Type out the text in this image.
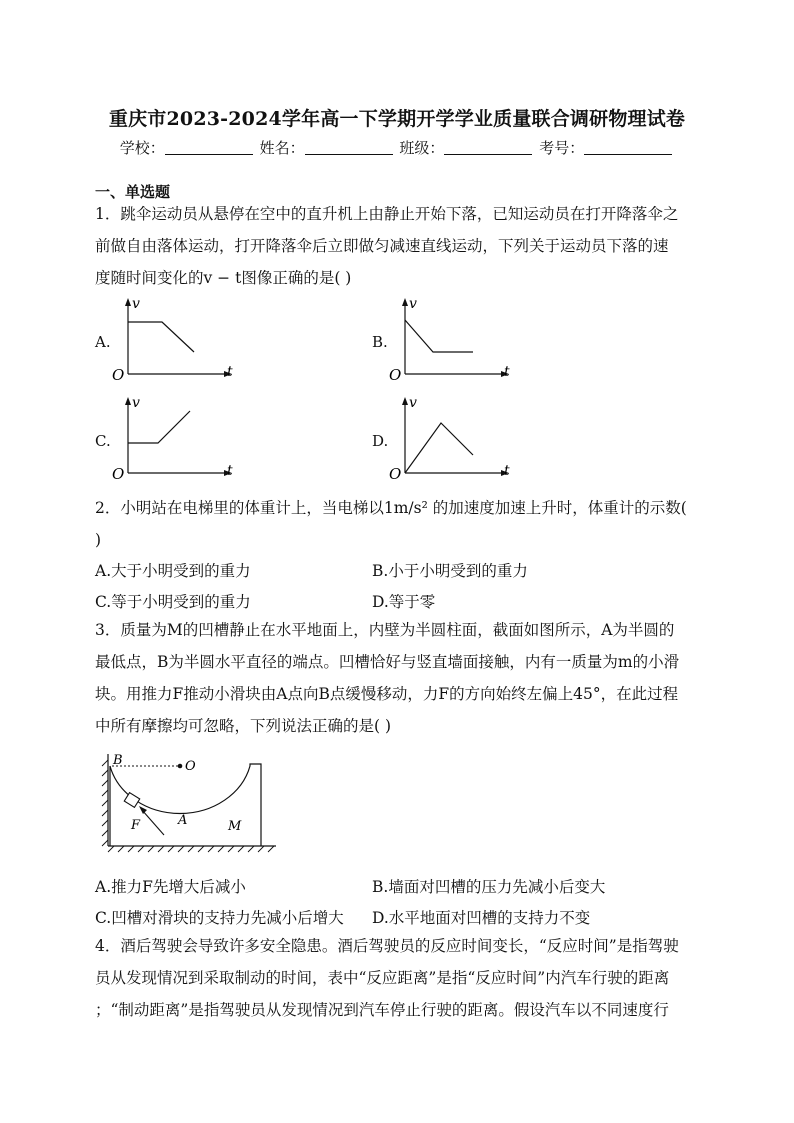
重庆市2023-2024学年高一下学期开学学业质量联合调研物理试卷
学校：	姓名：	班级：	考号：
一、单选题

1．跳伞运动员从悬停在空中的直升机上由静止开始下落，已知运动员在打开降落伞之

前做自由落体运动，打开降落伞后立即做匀减速直线运动，下列关于运动员下落的速

度随时间变化的v − t图像正确的是( )

A.
v
O	t
B.
v
O	t
C.
v
O	t
D.
v
O	t

2．小明站在电梯里的体重计上，当电梯以1m/s² 的加速度加速上升时，体重计的示数(

)

A.大于小明受到的重力	B.小于小明受到的重力
C.等于小明受到的重力	D.等于零

3．质量为M的凹槽静止在水平地面上，内壁为半圆柱面，截面如图所示，A为半圆的

最低点，B为半圆水平直径的端点。凹槽恰好与竖直墙面接触，内有一质量为m的小滑

块。用推力F推动小滑块由A点向B点缓慢移动，力F的方向始终左偏上45°，在此过程

中所有摩擦均可忽略，下列说法正确的是( )

B	O
F	A	M
A.推力F先增大后减小	B.墙面对凹槽的压力先减小后变大
C.凹槽对滑块的支持力先减小后增大 D.水平地面对凹槽的支持力不变

4．酒后驾驶会导致许多安全隐患。酒后驾驶员的反应时间变长，“反应时间”是指驾驶

员从发现情况到采取制动的时间，表中“反应距离”是指“反应时间”内汽车行驶的距离

；“制动距离”是指驾驶员从发现情况到汽车停止行驶的距离。假设汽车以不同速度行
